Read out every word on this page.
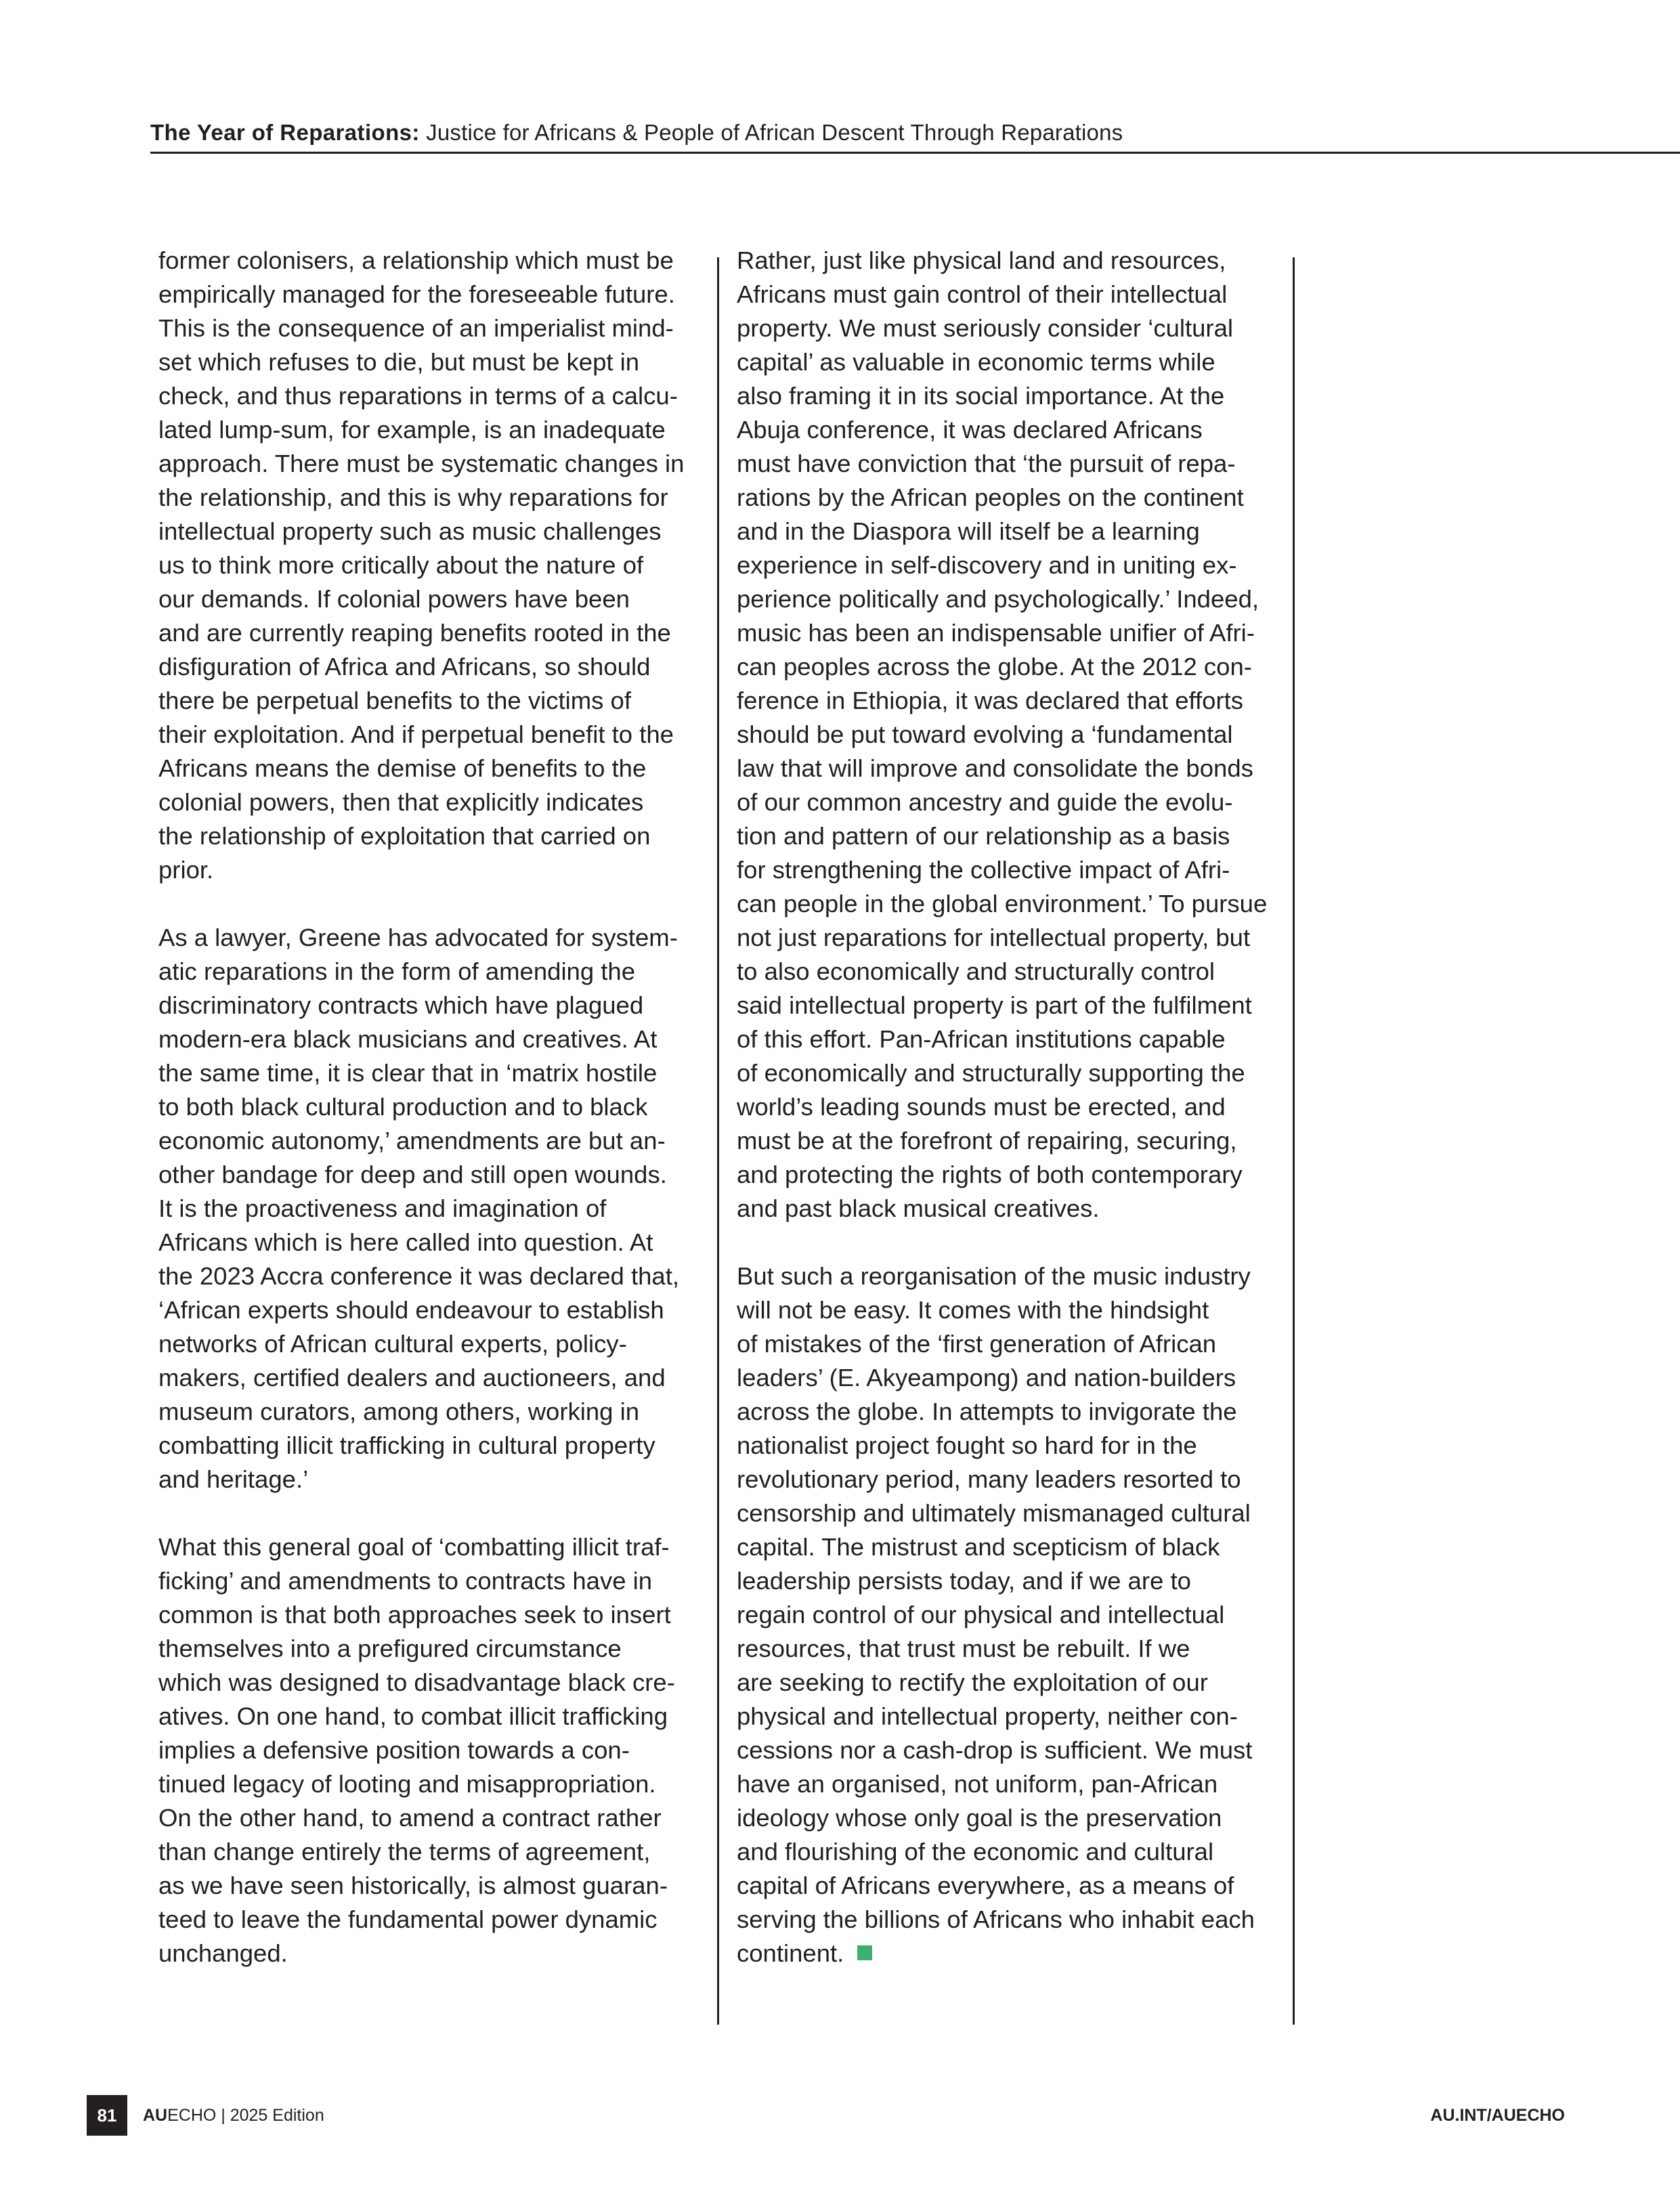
The Year of Reparations: Justice for Africans & People of African Descent Through Reparations
former colonisers, a relationship which must be
empirically managed for the foreseeable future.
This is the consequence of an imperialist mind-
set which refuses to die, but must be kept in
check, and thus reparations in terms of a calcu-
lated lump-sum, for example, is an inadequate
approach. There must be systematic changes in
the relationship, and this is why reparations for
intellectual property such as music challenges
us to think more critically about the nature of
our demands. If colonial powers have been
and are currently reaping benefits rooted in the
disfiguration of Africa and Africans, so should
there be perpetual benefits to the victims of
their exploitation. And if perpetual benefit to the
Africans means the demise of benefits to the
colonial powers, then that explicitly indicates
the relationship of exploitation that carried on
prior.
As a lawyer, Greene has advocated for system-
atic reparations in the form of amending the
discriminatory contracts which have plagued
modern-era black musicians and creatives. At
the same time, it is clear that in ‘matrix hostile
to both black cultural production and to black
economic autonomy,’ amendments are but an-
other bandage for deep and still open wounds.
It is the proactiveness and imagination of
Africans which is here called into question. At
the 2023 Accra conference it was declared that,
‘African experts should endeavour to establish
networks of African cultural experts, policy-
makers, certified dealers and auctioneers, and
museum curators, among others, working in
combatting illicit trafficking in cultural property
and heritage.’
What this general goal of ‘combatting illicit traf-
ficking’ and amendments to contracts have in
common is that both approaches seek to insert
themselves into a prefigured circumstance
which was designed to disadvantage black cre-
atives. On one hand, to combat illicit trafficking
implies a defensive position towards a con-
tinued legacy of looting and misappropriation.
On the other hand, to amend a contract rather
than change entirely the terms of agreement,
as we have seen historically, is almost guaran-
teed to leave the fundamental power dynamic
unchanged.
Rather, just like physical land and resources,
Africans must gain control of their intellectual
property. We must seriously consider ‘cultural
capital’ as valuable in economic terms while
also framing it in its social importance. At the
Abuja conference, it was declared Africans
must have conviction that ‘the pursuit of repa-
rations by the African peoples on the continent
and in the Diaspora will itself be a learning
experience in self-discovery and in uniting ex-
perience politically and psychologically.’ Indeed,
music has been an indispensable unifier of Afri-
can peoples across the globe. At the 2012 con-
ference in Ethiopia, it was declared that efforts
should be put toward evolving a ‘fundamental
law that will improve and consolidate the bonds
of our common ancestry and guide the evolu-
tion and pattern of our relationship as a basis
for strengthening the collective impact of Afri-
can people in the global environment.’ To pursue
not just reparations for intellectual property, but
to also economically and structurally control
said intellectual property is part of the fulfilment
of this effort. Pan-African institutions capable
of economically and structurally supporting the
world’s leading sounds must be erected, and
must be at the forefront of repairing, securing,
and protecting the rights of both contemporary
and past black musical creatives.
But such a reorganisation of the music industry
will not be easy. It comes with the hindsight
of mistakes of the ‘first generation of African
leaders’ (E. Akyeampong) and nation-builders
across the globe. In attempts to invigorate the
nationalist project fought so hard for in the
revolutionary period, many leaders resorted to
censorship and ultimately mismanaged cultural
capital. The mistrust and scepticism of black
leadership persists today, and if we are to
regain control of our physical and intellectual
resources, that trust must be rebuilt. If we
are seeking to rectify the exploitation of our
physical and intellectual property, neither con-
cessions nor a cash-drop is sufficient. We must
have an organised, not uniform, pan-African
ideology whose only goal is the preservation
and flourishing of the economic and cultural
capital of Africans everywhere, as a means of
serving the billions of Africans who inhabit each
continent.
81	AUECHO | 2025 Edition	AU.INT/AUECHO
